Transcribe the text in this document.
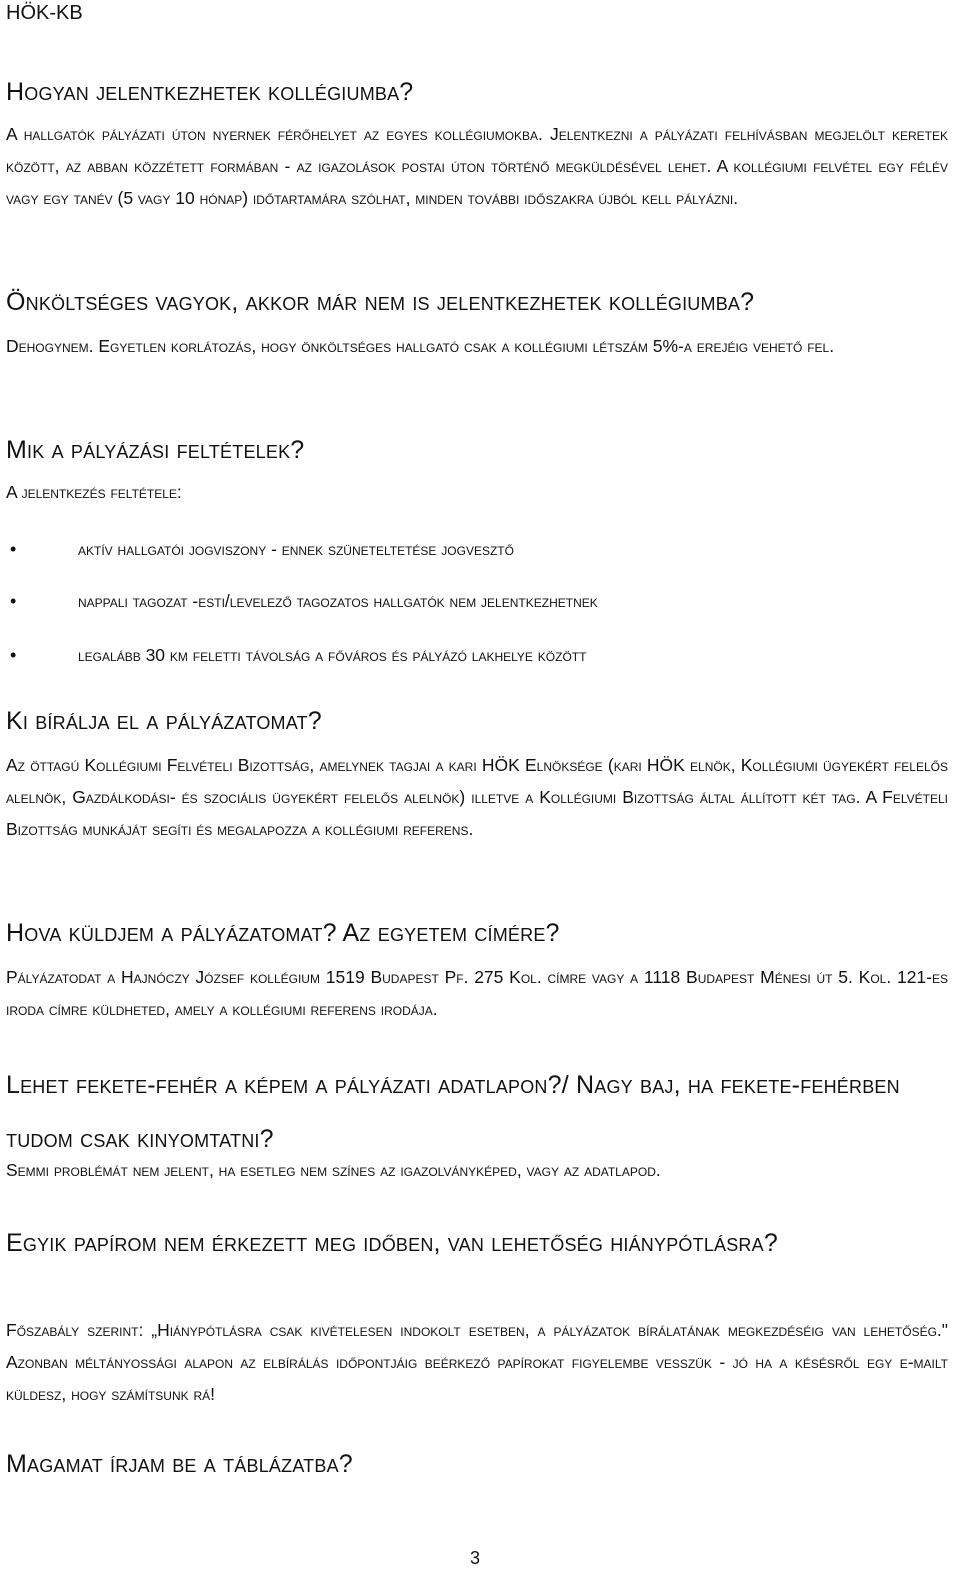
HÖK-KB
Hogyan jelentkezhetek kollégiumba?
A hallgatók pályázati úton nyernek férőhelyet az egyes kollégiumokba. Jelentkezni a pályázati felhívásban megjelölt keretek között, az abban közzétett formában - az igazolások postai úton történő megküldésével lehet. A kollégiumi felvétel egy félév vagy egy tanév (5 vagy 10 hónap) időtartamára szólhat, minden további időszakra újból kell pályázni.
Önköltséges vagyok, akkor már nem is jelentkezhetek kollégiumba?
Dehogynem. Egyetlen korlátozás, hogy önköltséges hallgató csak a kollégiumi létszám 5%-a erejéig vehető fel.
Mik a pályázási feltételek?
A jelentkezés feltétele:
•	aktív hallgatói jogviszony - ennek szüneteltetése jogvesztő
•	nappali tagozat -esti/levelező tagozatos hallgatók nem jelentkezhetnek
•	legalább 30 km feletti távolság a főváros és pályázó lakhelye között
Ki bírálja el a pályázatomat?
Az öttagú Kollégiumi Felvételi Bizottság, amelynek tagjai a kari HÖK Elnöksége (kari HÖK elnök, Kollégiumi ügyekért felelős alelnök, Gazdálkodási- és szociális ügyekért felelős alelnök) illetve a Kollégiumi Bizottság által állított két tag. A Felvételi Bizottság munkáját segíti és megalapozza a kollégiumi referens.
Hova küldjem a pályázatomat? Az egyetem címére?
Pályázatodat a Hajnóczy József kollégium 1519 Budapest Pf. 275 Kol. címre vagy a 1118 Budapest Ménesi út 5. Kol. 121-es iroda címre küldheted, amely a kollégiumi referens irodája.
Lehet fekete-fehér a képem a pályázati adatlapon?/ Nagy baj, ha fekete-fehérben tudom csak kinyomtatni?
Semmi problémát nem jelent, ha esetleg nem színes az igazolványképed, vagy az adatlapod.
Egyik papírom nem érkezett meg időben, van lehetőség hiánypótlásra?
Főszabály szerint: „Hiánypótlásra csak kivételesen indokolt esetben, a pályázatok bírálatának megkezdéséig van lehetőség." Azonban méltányossági alapon az elbírálás időpontjáig beérkező papírokat figyelembe vesszük - jó ha a késésről egy e-mailt küldesz, hogy számítsunk rá!
Magamat írjam be a táblázatba?
3
